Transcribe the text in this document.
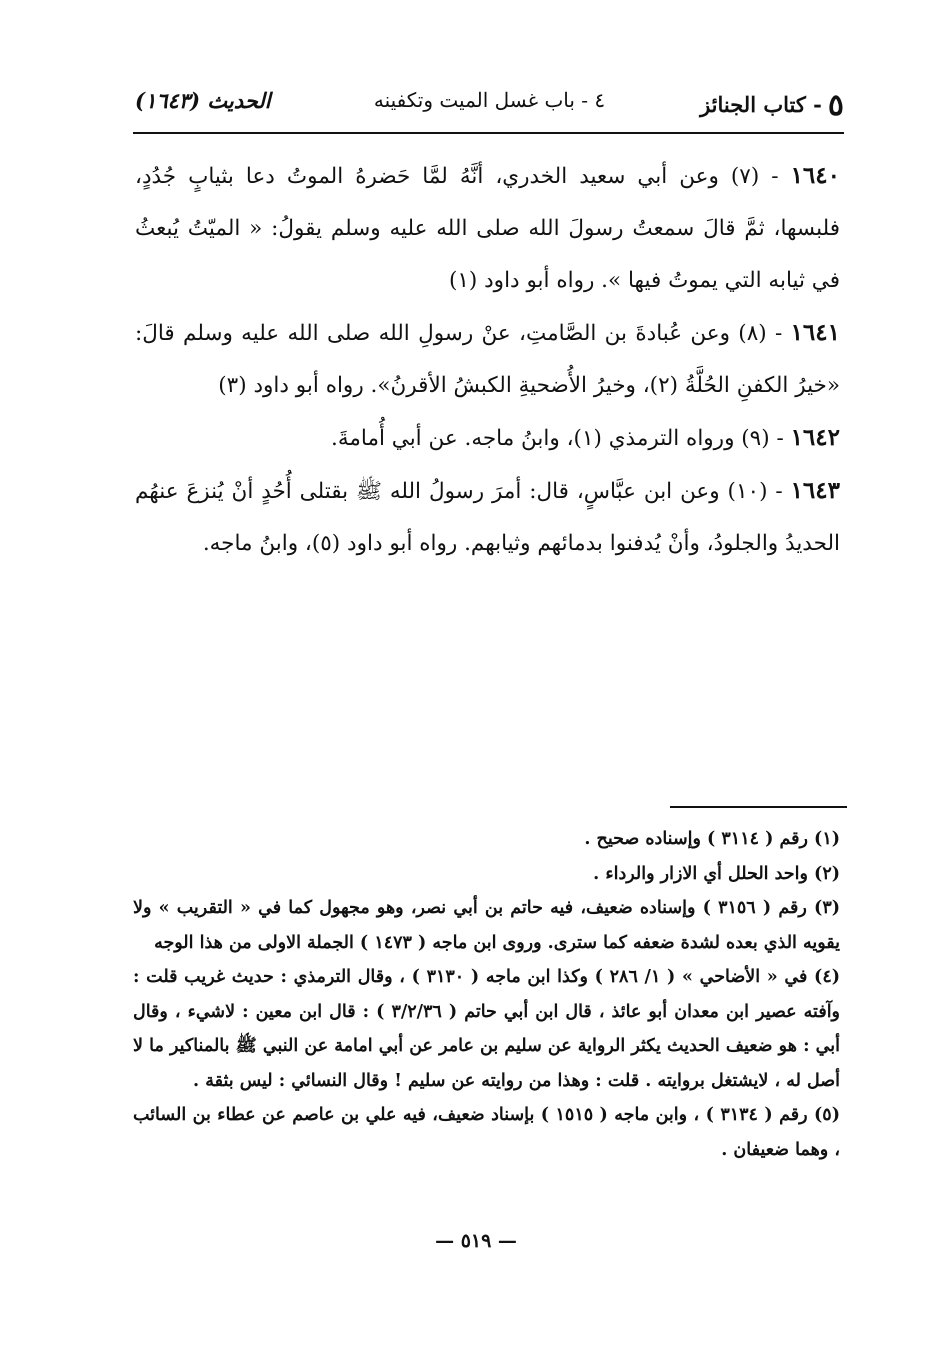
٥- كتاب الجنائز
٤ - باب غسل الميت وتكفينه
الحديث (١٦٤٣)

١٦٤٠ - (٧) وعن أبي سعيد الخدري، أنَّهُ لمَّا حَضرهُ الموتُ دعا بثيابٍ جُدُدٍ، فلبسها، ثمَّ قالَ سمعتُ رسولَ الله صلى الله عليه وسلم يقولُ: « الميّتُ يُبعثُ في ثيابه التي يموتُ فيها ». رواه أبو داود (١)

١٦٤١ - (٨) وعن عُبادةَ بن الصَّامتِ، عنْ رسولِ الله صلى الله عليه وسلم قالَ: «خيرُ الكفنِ الحُلَّةُ (٢)، وخيرُ الأُضحيةِ الكبشُ الأقرنُ». رواه أبو داود (٣)

١٦٤٢ - (٩) ورواه الترمذي (١)، وابنُ ماجه. عن أبي أُمامةَ.

١٦٤٣ - (١٠) وعن ابن عبَّاسٍ، قال: أمرَ رسولُ الله ﷺ بقتلى أُحُدٍ أنْ يُنزعَ عنهُم الحديدُ والجلودُ، وأنْ يُدفنوا بدمائهم وثيابهم. رواه أبو داود (٥)، وابنُ ماجه.

(١) رقم ( ٣١١٤ ) وإسناده صحيح .

(٢) واحد الحلل أي الازار والرداء .

(٣) رقم ( ٣١٥٦ ) وإسناده ضعيف، فيه حاتم بن أبي نصر، وهو مجهول كما في « التقريب » ولا يقويه الذي بعده لشدة ضعفه كما سترى. وروى ابن ماجه ( ١٤٧٣ ) الجملة الاولى من هذا الوجه

(٤) في « الأضاحي » ( ١/ ٢٨٦ ) وكذا ابن ماجه ( ٣١٣٠ ) ، وقال الترمذي : حديث غريب قلت : وآفته عصير ابن معدان أبو عائذ ، قال ابن أبي حاتم ( ٣/٢/٣٦ ) : قال ابن معين : لاشيء ، وقال أبي : هو ضعيف الحديث يكثر الرواية عن سليم بن عامر عن أبي امامة عن النبي ﷺ بالمناكير ما لا أصل له ، لايشتغل بروايته . قلت : وهذا من روايته عن سليم ! وقال النسائي : ليس بثقة .

(٥) رقم ( ٣١٣٤ ) ، وابن ماجه ( ١٥١٥ ) بإسناد ضعيف، فيه علي بن عاصم عن عطاء بن السائب ، وهما ضعيفان .

— ٥١٩ —
